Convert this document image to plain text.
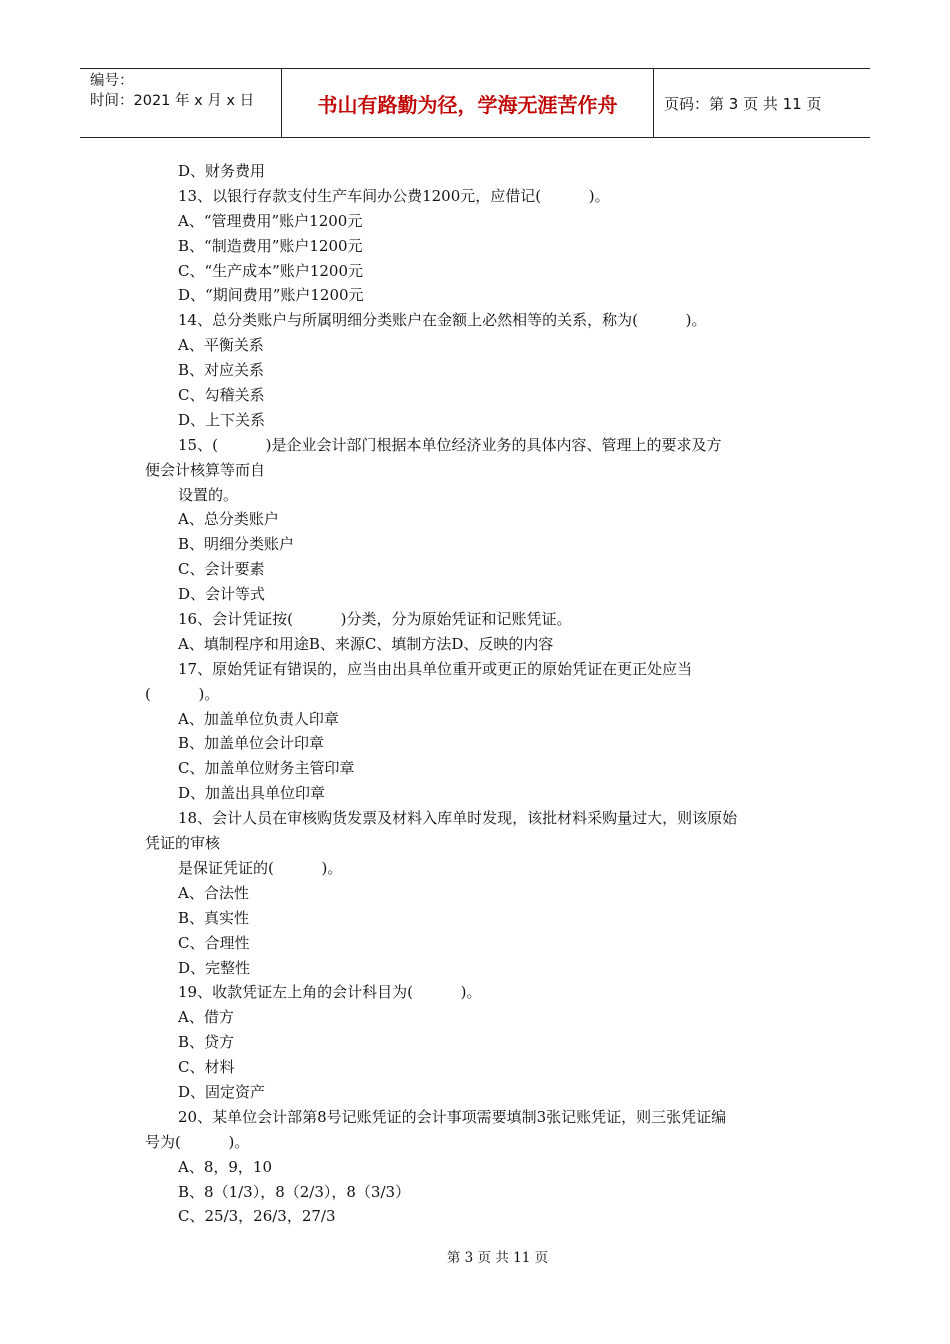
编号：
时间：2021 年 x 月 x 日	书山有路勤为径，学海无涯苦作舟	页码：第 3 页 共 11 页
D、财务费用
13、以银行存款支付生产车间办公费1200元，应借记(          )。
A、“管理费用”账户1200元
B、“制造费用”账户1200元
C、“生产成本”账户1200元
D、“期间费用”账户1200元
14、总分类账户与所属明细分类账户在金额上必然相等的关系，称为(          )。
A、平衡关系
B、对应关系
C、勾稽关系
D、上下关系
15、(          )是企业会计部门根据本单位经济业务的具体内容、管理上的要求及方
便会计核算等而自
设置的。
A、总分类账户
B、明细分类账户
C、会计要素
D、会计等式
16、会计凭证按(          )分类，分为原始凭证和记账凭证。
A、填制程序和用途B、来源C、填制方法D、反映的内容
17、原始凭证有错误的，应当由出具单位重开或更正的原始凭证在更正处应当
(          )。
A、加盖单位负责人印章
B、加盖单位会计印章
C、加盖单位财务主管印章
D、加盖出具单位印章
18、会计人员在审核购货发票及材料入库单时发现，该批材料采购量过大，则该原始
凭证的审核
是保证凭证的(          )。
A、合法性
B、真实性
C、合理性
D、完整性
19、收款凭证左上角的会计科目为(          )。
A、借方
B、贷方
C、材料
D、固定资产
20、某单位会计部第8号记账凭证的会计事项需要填制3张记账凭证，则三张凭证编
号为(          )。
A、8，9，10
B、8（1/3），8（2/3），8（3/3）
C、25/3，26/3，27/3
第 3 页 共 11 页
